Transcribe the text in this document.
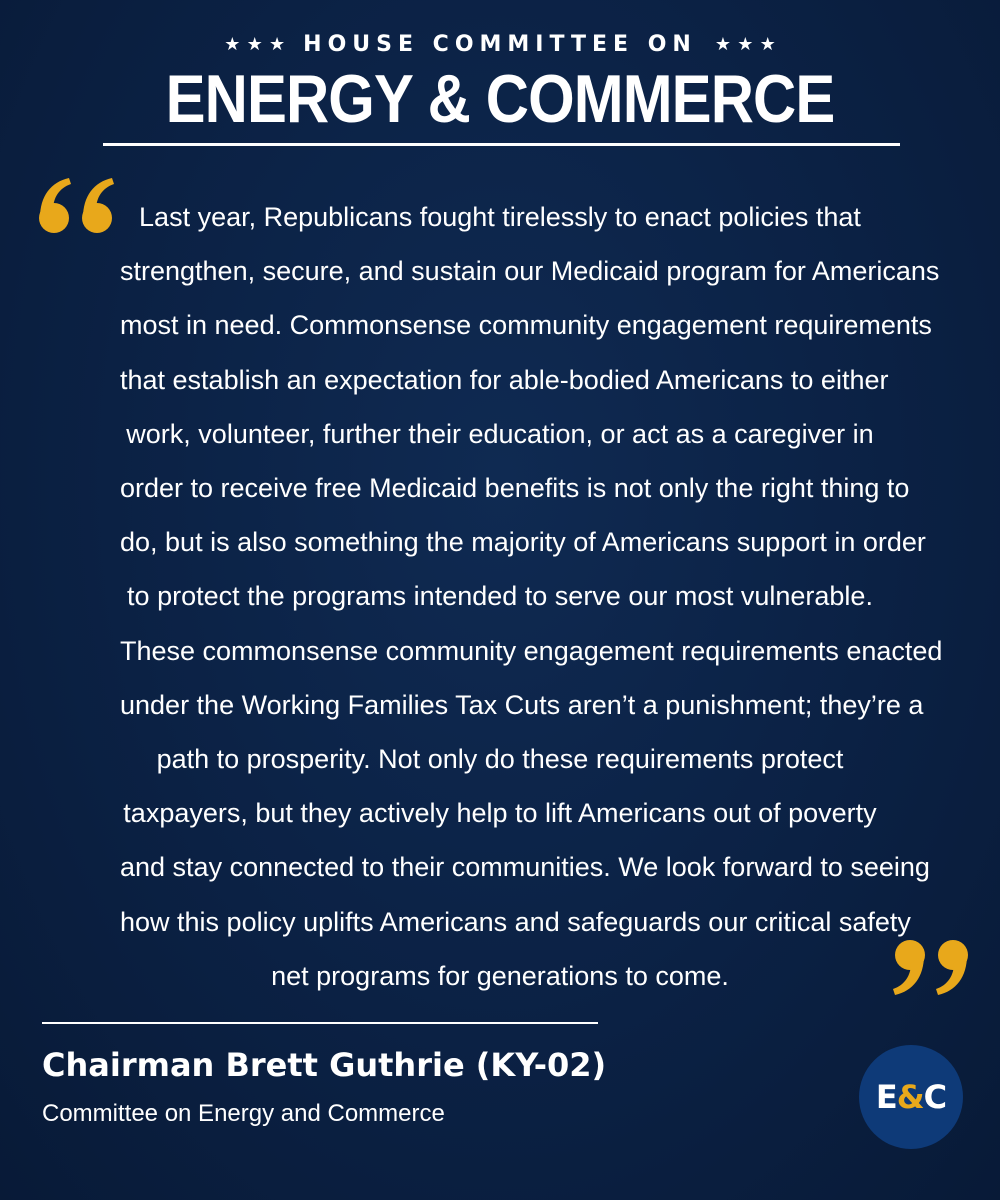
★ ★ ★ HOUSE COMMITTEE ON ★ ★ ★
ENERGY & COMMERCE
Last year, Republicans fought tirelessly to enact policies that
strengthen, secure, and sustain our Medicaid program for Americans
most in need. Commonsense community engagement requirements
that establish an expectation for able-bodied Americans to either
work, volunteer, further their education, or act as a caregiver in
order to receive free Medicaid benefits is not only the right thing to
do, but is also something the majority of Americans support in order
to protect the programs intended to serve our most vulnerable.
These commonsense community engagement requirements enacted
under the Working Families Tax Cuts aren’t a punishment; they’re a
path to prosperity. Not only do these requirements protect
taxpayers, but they actively help to lift Americans out of poverty
and stay connected to their communities. We look forward to seeing
how this policy uplifts Americans and safeguards our critical safety
net programs for generations to come.
Chairman Brett Guthrie (KY-02)
Committee on Energy and Commerce	E&C
